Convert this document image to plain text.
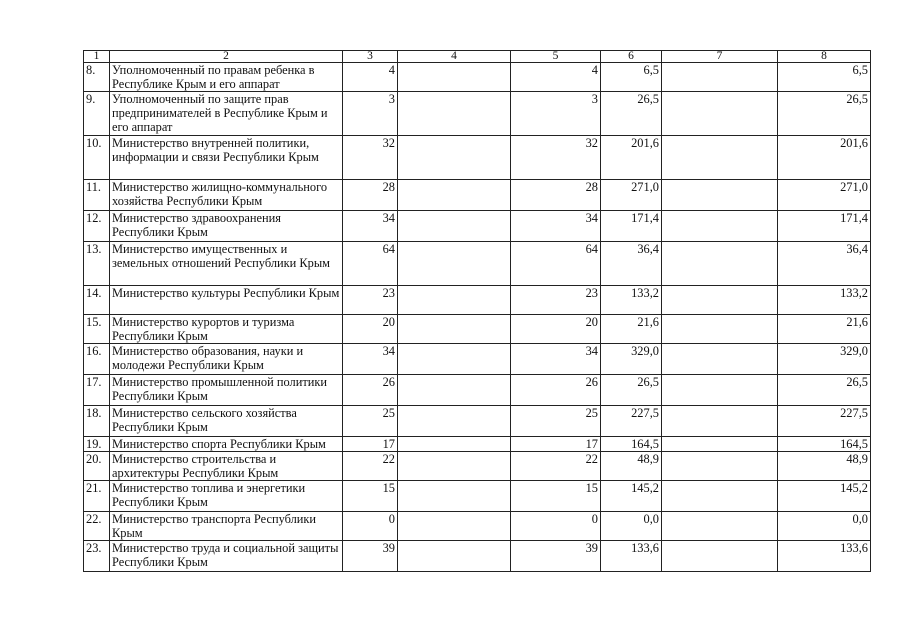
1	2	3	4	5	6	7	8
8.	Уполномоченный по правам ребенка в Республике Крым и его аппарат	4		4	6,5		6,5
9.	Уполномоченный по защите прав предпринимателей в Республике Крым и его аппарат	3		3	26,5		26,5
10.	Министерство внутренней политики, информации и связи Республики Крым	32		32	201,6		201,6
11.	Министерство жилищно-коммунального хозяйства Республики Крым	28		28	271,0		271,0
12.	Министерство здравоохранения Республики Крым	34		34	171,4		171,4
13.	Министерство имущественных и земельных отношений Республики Крым	64		64	36,4		36,4
14.	Министерство культуры Республики Крым	23		23	133,2		133,2
15.	Министерство курортов и туризма Республики Крым	20		20	21,6		21,6
16.	Министерство образования, науки и молодежи Республики Крым	34		34	329,0		329,0
17.	Министерство промышленной политики Республики Крым	26		26	26,5		26,5
18.	Министерство сельского хозяйства Республики Крым	25		25	227,5		227,5
19.	Министерство спорта Республики Крым	17		17	164,5		164,5
20.	Министерство строительства и архитектуры Республики Крым	22		22	48,9		48,9
21.	Министерство топлива и энергетики Республики Крым	15		15	145,2		145,2
22.	Министерство транспорта Республики Крым	0		0	0,0		0,0
23.	Министерство труда и социальной защиты Республики Крым	39		39	133,6		133,6
